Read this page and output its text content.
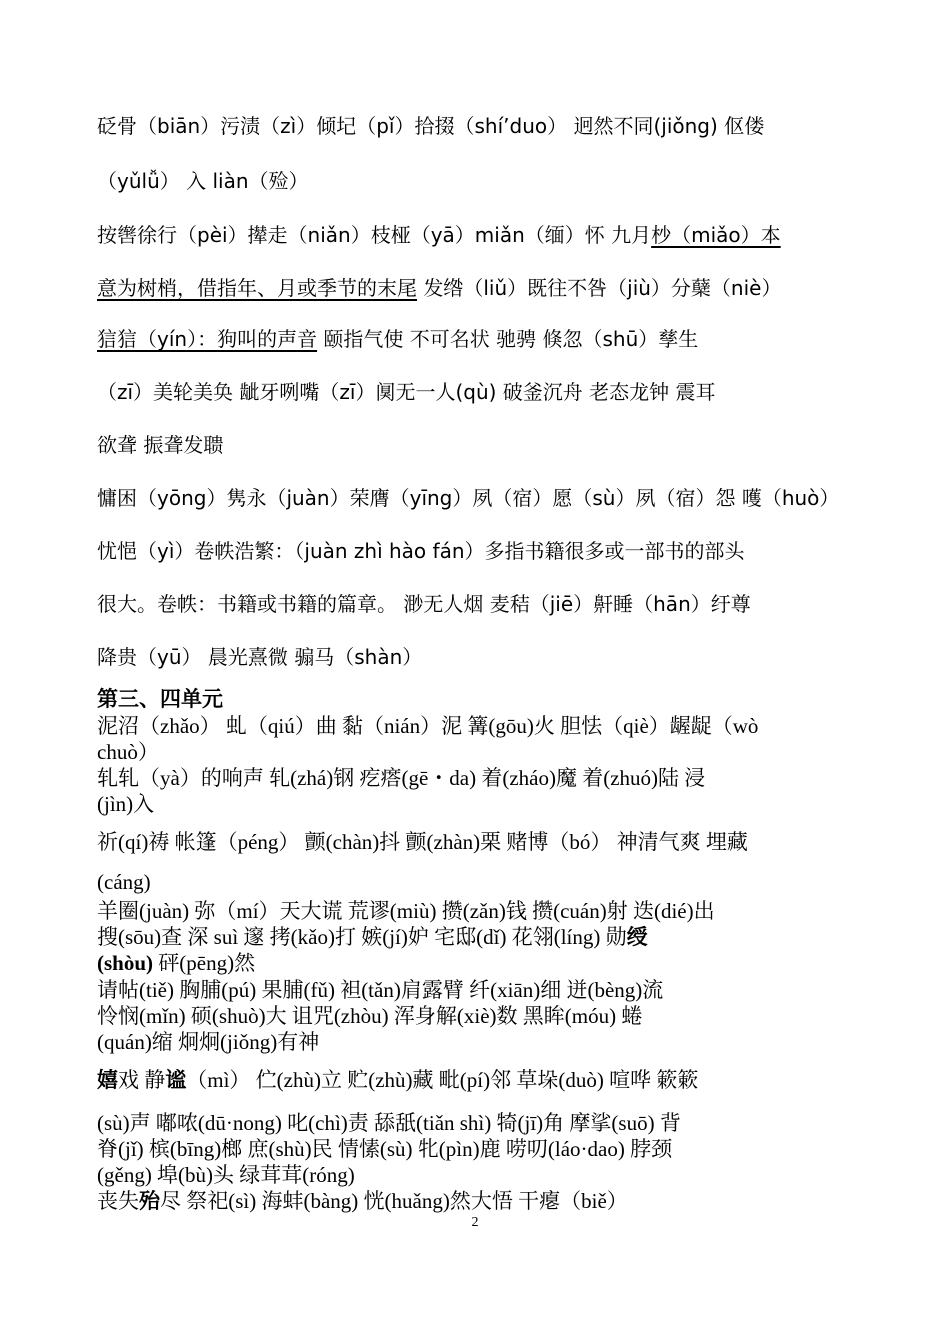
砭骨（biān）污渍（zì）倾圮（pǐ）拾掇（shí’duo） 迥然不同(jiǒng) 伛偻
（yǔlǚ） 入 liàn（殓）
按辔徐行（pèi）撵走（niǎn）枝桠（yā）miǎn（缅）怀 九月杪（miǎo）本
意为树梢，借指年、月或季节的末尾 发绺（liǔ）既往不咎（jiù）分蘖（niè）
狺狺（yín）：狗叫的声音 颐指气使 不可名状 驰骋 倏忽（shū）孳生
（zī）美轮美奂 龇牙咧嘴（zī）阒无一人(qù) 破釜沉舟 老态龙钟 震耳
欲聋 振聋发聩
慵困（yōng）隽永（juàn）荣膺（yīng）夙（宿）愿（sù）夙（宿）怨 嚄（huò）
忧悒（yì）卷帙浩繁：（juàn zhì hào fán）多指书籍很多或一部书的部头
很大。卷帙：书籍或书籍的篇章。 渺无人烟 麦秸（jiē）鼾睡（hān）纡尊
降贵（yū） 晨光熹微 骟马（shàn）
第三、四单元
泥沼（zhǎo） 虬（qiú）曲 黏（nián）泥 篝(gōu)火 胆怯（qiè）龌龊（wò
chuò）
轧轧（yà）的响声 轧(zhá)钢 疙瘩(gē・da) 着(zháo)魔 着(zhuó)陆 浸
(jìn)入
祈(qí)祷 帐篷（péng） 颤(chàn)抖 颤(zhàn)栗 赌博（bó） 神清气爽 埋藏
(cáng)
羊圈(juàn) 弥（mí）天大谎 荒谬(miù) 攒(zǎn)钱 攒(cuán)射 迭(dié)出
搜(sōu)查 深 suì 邃 拷(kǎo)打 嫉(jí)妒 宅邸(dǐ) 花翎(líng) 勋绶
(shòu) 砰(pēng)然
请帖(tiě) 胸脯(pú) 果脯(fǔ) 袒(tǎn)肩露臂 纤(xiān)细 迸(bèng)流
怜悯(mǐn) 硕(shuò)大 诅咒(zhòu) 浑身解(xiè)数 黑眸(móu) 蜷
(quán)缩 炯炯(jiǒng)有神
嬉戏 静谧（mì） 伫(zhù)立 贮(zhù)藏 毗(pí)邻 草垛(duò) 喧哗 簌簌
(sù)声 嘟哝(dū·nong) 叱(chì)责 舔舐(tiǎn shì) 犄(jī)角 摩挲(suō) 背
脊(jǐ) 槟(bīng)榔 庶(shù)民 情愫(sù) 牝(pìn)鹿 唠叨(láo·dao) 脖颈
(gěng) 埠(bù)头 绿茸茸(róng)
丧失殆尽 祭祀(sì) 海蚌(bàng) 恍(huǎng)然大悟 干瘪（biě）
2
